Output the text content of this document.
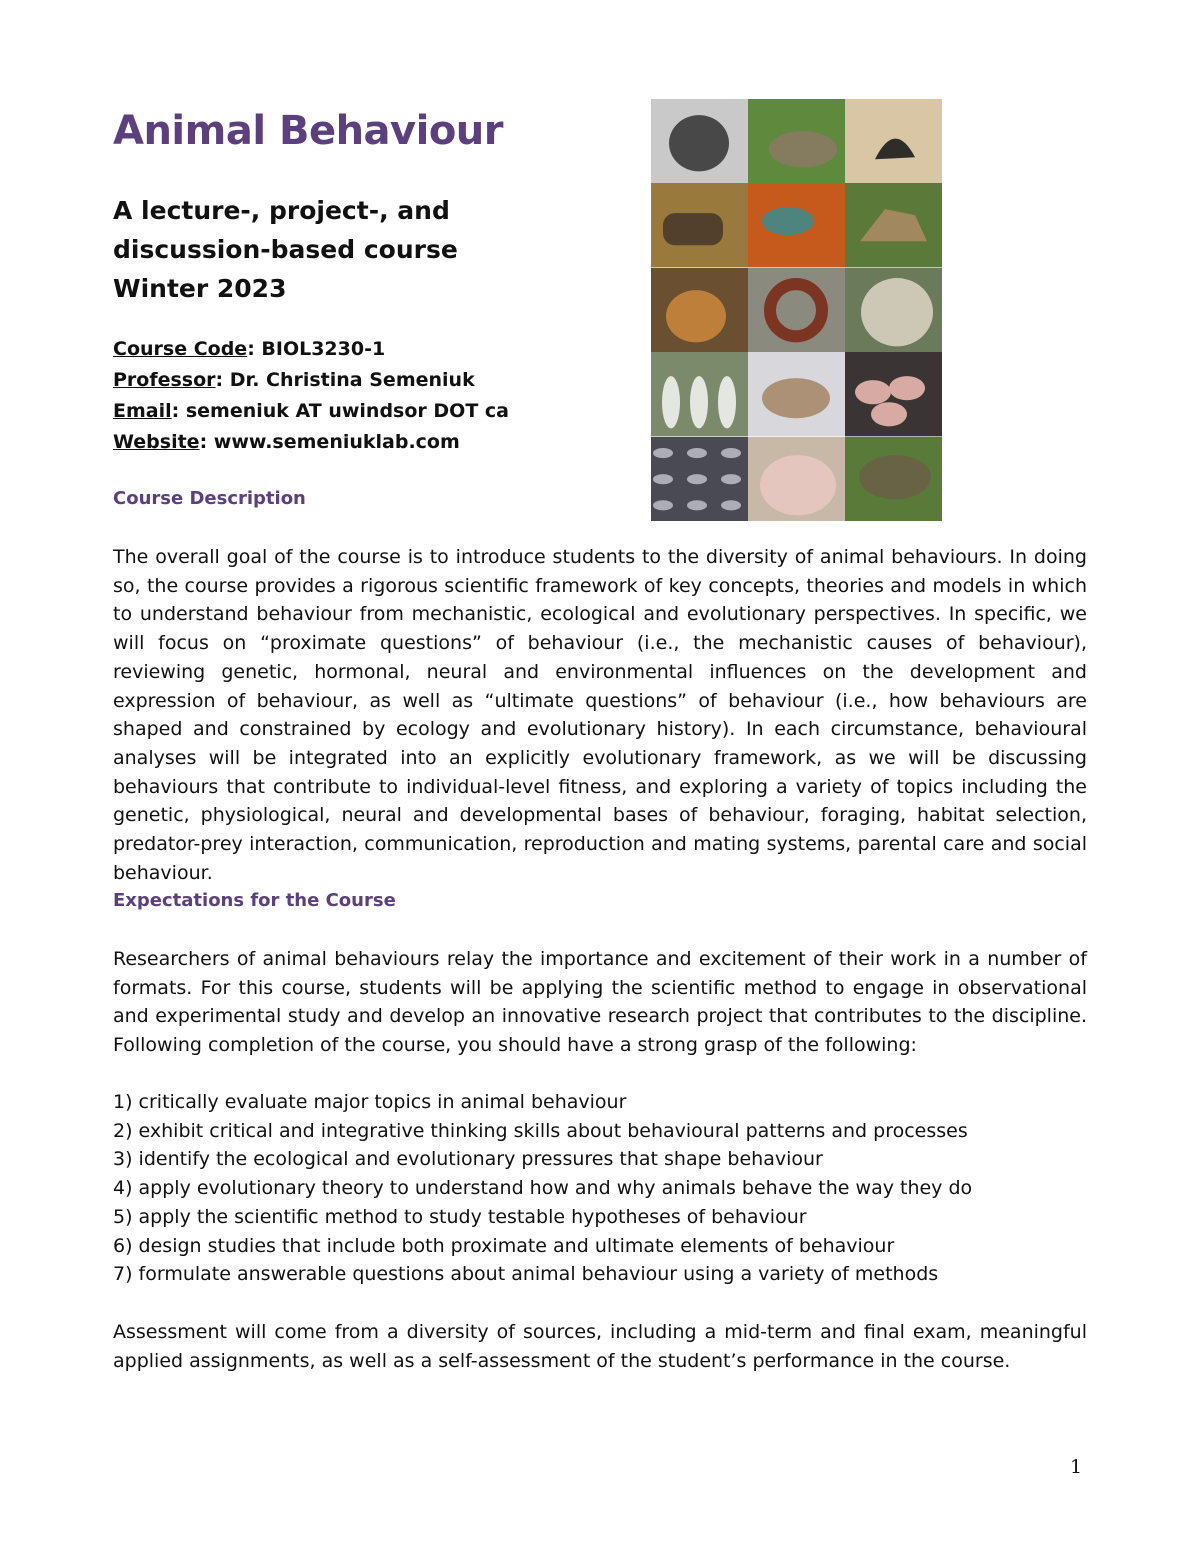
Animal Behaviour
A lecture-, project-, and
discussion-based course
Winter 2023
Course Code: BIOL3230-1
Professor: Dr. Christina Semeniuk
Email: semeniuk AT uwindsor DOT ca
Website: www.semeniuklab.com
Course Description

The overall goal of the course is to introduce students to the diversity of animal behaviours. In doing so, the course provides a rigorous scientific framework of key concepts, theories and models in which to understand behaviour from mechanistic, ecological and evolutionary perspectives. In specific, we will focus on “proximate questions” of behaviour (i.e., the mechanistic causes of behaviour), reviewing genetic, hormonal, neural and environmental influences on the development and expression of behaviour, as well as “ultimate questions” of behaviour (i.e., how behaviours are shaped and constrained by ecology and evolutionary history). In each circumstance, behavioural analyses will be integrated into an explicitly evolutionary framework, as we will be discussing behaviours that contribute to individual-level fitness, and exploring a variety of topics including the genetic, physiological, neural and developmental bases of behaviour, foraging, habitat selection, predator-prey interaction, communication, reproduction and mating systems, parental care and social behaviour.

Expectations for the Course

Researchers of animal behaviours relay the importance and excitement of their work in a number of formats. For this course, students will be applying the scientific method to engage in observational and experimental study and develop an innovative research project that contributes to the discipline. Following completion of the course, you should have a strong grasp of the following:

1) critically evaluate major topics in animal behaviour
2) exhibit critical and integrative thinking skills about behavioural patterns and processes
3) identify the ecological and evolutionary pressures that shape behaviour
4) apply evolutionary theory to understand how and why animals behave the way they do
5) apply the scientific method to study testable hypotheses of behaviour
6) design studies that include both proximate and ultimate elements of behaviour
7) formulate answerable questions about animal behaviour using a variety of methods

Assessment will come from a diversity of sources, including a mid-term and final exam, meaningful applied assignments, as well as a self-assessment of the student’s performance in the course.

1
